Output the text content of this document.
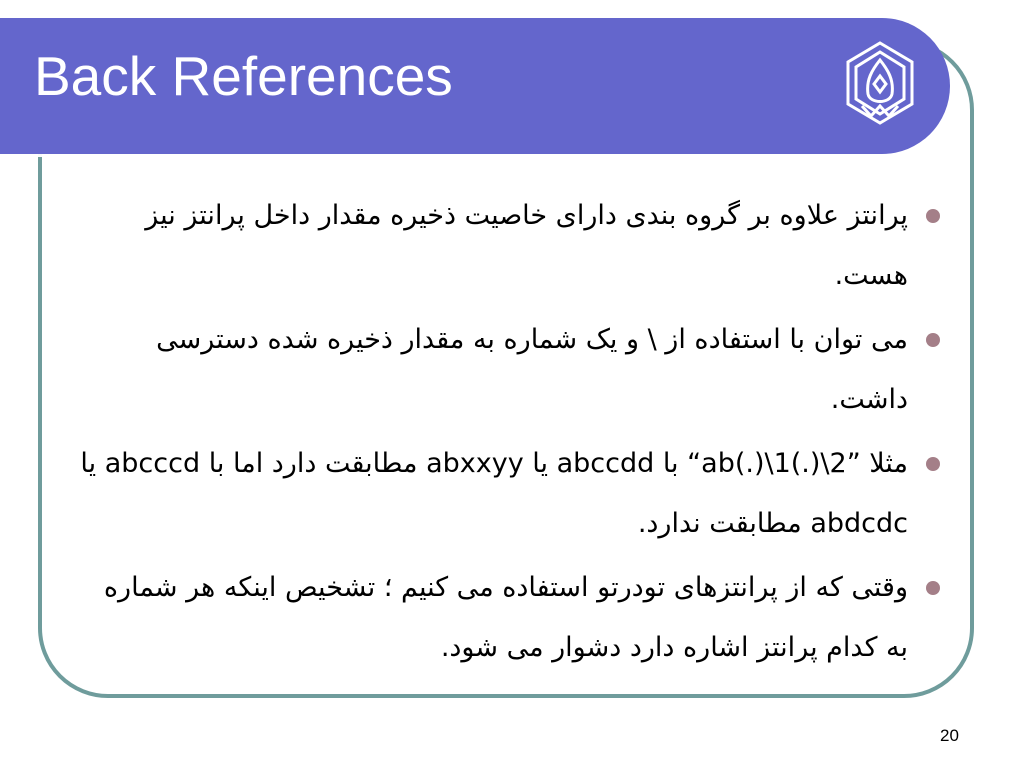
Back References
پرانتز علاوه بر گروه بندی دارای خاصیت ذخیره مقدار داخل پرانتز نیز هست.
می توان با استفاده از \ و یک شماره به مقدار ذخیره شده دسترسی داشت.
مثلا ”ab(.)\1(.)\2“ با abccdd یا abxxyy مطابقت دارد اما با abcccd یا abdcdc مطابقت ندارد.
وقتی که از پرانتزهای تودرتو استفاده می کنیم ؛ تشخیص اینکه هر شماره به کدام پرانتز اشاره دارد دشوار می شود.
20
